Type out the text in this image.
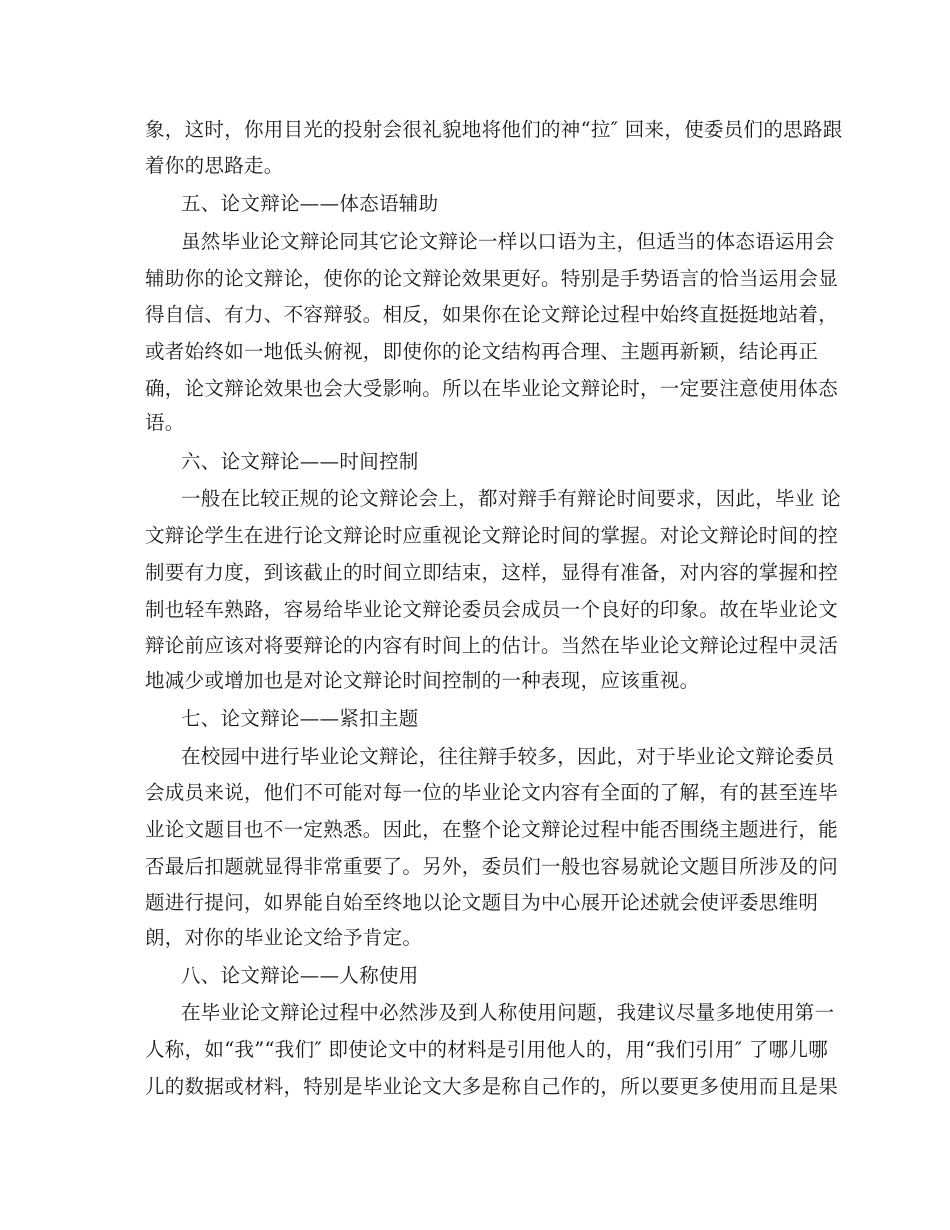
象，这时，你用目光的投射会很礼貌地将他们的神“拉″ 回来，使委员们的思路跟
着你的思路走。
五、论文辩论——体态语辅助
虽然毕业论文辩论同其它论文辩论一样以口语为主，但适当的体态语运用会
辅助你的论文辩论，使你的论文辩论效果更好。特别是手势语言的恰当运用会显
得自信、有力、不容辩驳。相反，如果你在论文辩论过程中始终直挺挺地站着，
或者始终如一地低头俯视，即使你的论文结构再合理、主题再新颖，结论再正
确，论文辩论效果也会大受影响。所以在毕业论文辩论时，一定要注意使用体态
语。
六、论文辩论——时间控制
一般在比较正规的论文辩论会上，都对辩手有辩论时间要求，因此，毕业 论
文辩论学生在进行论文辩论时应重视论文辩论时间的掌握。对论文辩论时间的控
制要有力度，到该截止的时间立即结束，这样，显得有准备，对内容的掌握和控
制也轻车熟路，容易给毕业论文辩论委员会成员一个良好的印象。故在毕业论文
辩论前应该对将要辩论的内容有时间上的估计。当然在毕业论文辩论过程中灵活
地减少或增加也是对论文辩论时间控制的一种表现，应该重视。
七、论文辩论——紧扣主题
在校园中进行毕业论文辩论，往往辩手较多，因此，对于毕业论文辩论委员
会成员来说，他们不可能对每一位的毕业论文内容有全面的了解，有的甚至连毕
业论文题目也不一定熟悉。因此，在整个论文辩论过程中能否围绕主题进行，能
否最后扣题就显得非常重要了。另外，委员们一般也容易就论文题目所涉及的问
题进行提问，如界能自始至终地以论文题目为中心展开论述就会使评委思维明
朗，对你的毕业论文给予肯定。
八、论文辩论——人称使用
在毕业论文辩论过程中必然涉及到人称使用问题，我建议尽量多地使用第一
人称，如“我”“我们″ 即使论文中的材料是引用他人的，用“我们引用″ 了哪儿哪
儿的数据或材料，特别是毕业论文大多是称自己作的，所以要更多使用而且是果
